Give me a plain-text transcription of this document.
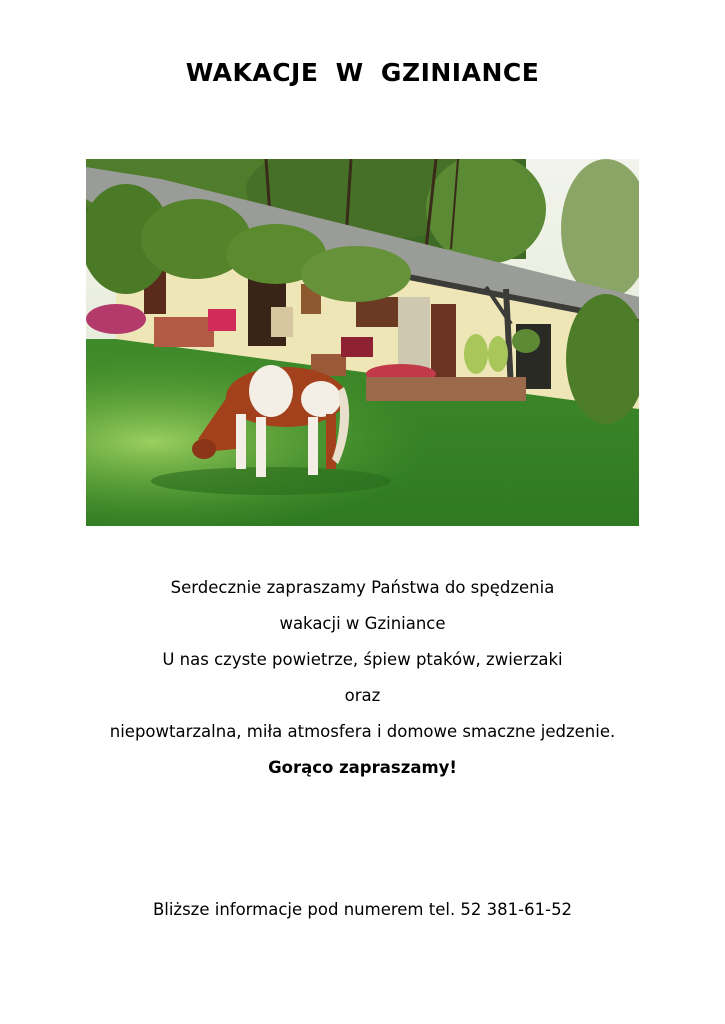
WAKACJE W GZINIANCE

Serdecznie zapraszamy Państwa do spędzenia

wakacji w Gziniance

U nas czyste powietrze, śpiew ptaków, zwierzaki

oraz

niepowtarzalna, miła atmosfera i domowe smaczne jedzenie.

Gorąco zapraszamy!

Bliższe informacje pod numerem tel. 52 381-61-52
